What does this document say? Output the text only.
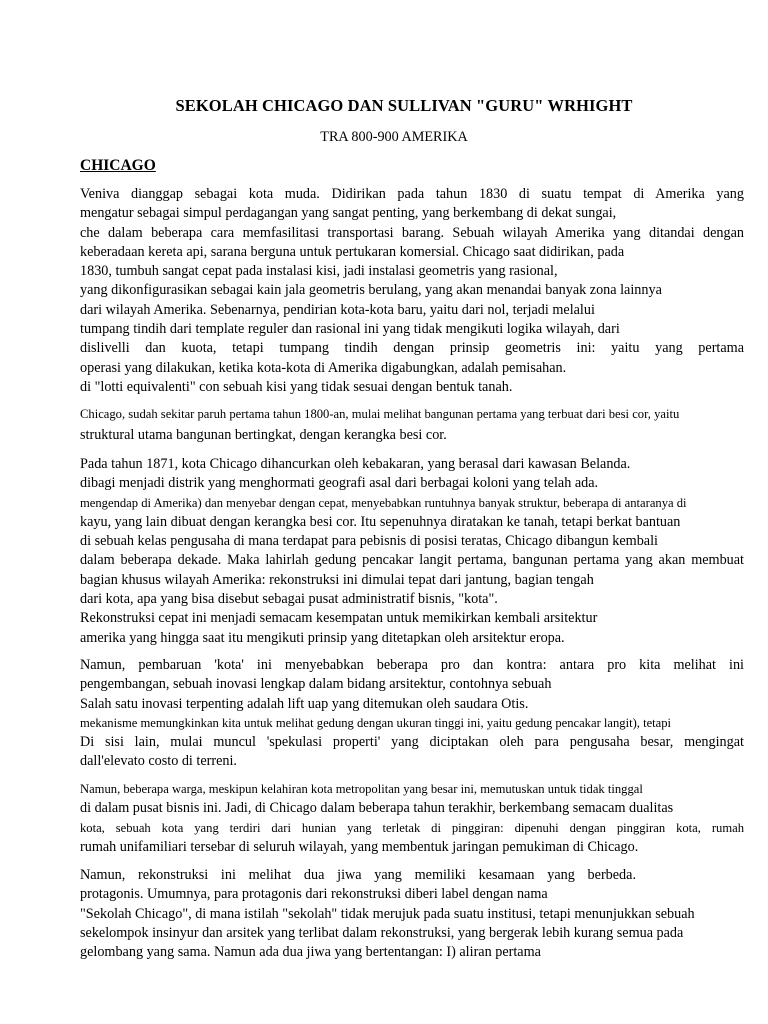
SEKOLAH CHICAGO DAN SULLIVAN "GURU" WRHIGHT
TRA 800-900 AMERIKA
CHICAGO
Veniva dianggap sebagai kota muda. Didirikan pada tahun 1830 di suatu tempat di Amerika yang
mengatur sebagai simpul perdagangan yang sangat penting, yang berkembang di dekat sungai,
che dalam beberapa cara memfasilitasi transportasi barang. Sebuah wilayah Amerika yang ditandai dengan
keberadaan kereta api, sarana berguna untuk pertukaran komersial. Chicago saat didirikan, pada
1830, tumbuh sangat cepat pada instalasi kisi, jadi instalasi geometris yang rasional,
yang dikonfigurasikan sebagai kain jala geometris berulang, yang akan menandai banyak zona lainnya
dari wilayah Amerika. Sebenarnya, pendirian kota-kota baru, yaitu dari nol, terjadi melalui
tumpang tindih dari template reguler dan rasional ini yang tidak mengikuti logika wilayah, dari
dislivelli dan kuota, tetapi tumpang tindih dengan prinsip geometris ini: yaitu yang pertama
operasi yang dilakukan, ketika kota-kota di Amerika digabungkan, adalah pemisahan.
di "lotti equivalenti" con sebuah kisi yang tidak sesuai dengan bentuk tanah.
Chicago, sudah sekitar paruh pertama tahun 1800-an, mulai melihat bangunan pertama yang terbuat dari besi cor, yaitu
struktural utama bangunan bertingkat, dengan kerangka besi cor.
Pada tahun 1871, kota Chicago dihancurkan oleh kebakaran, yang berasal dari kawasan Belanda.
dibagi menjadi distrik yang menghormati geografi asal dari berbagai koloni yang telah ada.
mengendap di Amerika) dan menyebar dengan cepat, menyebabkan runtuhnya banyak struktur, beberapa di antaranya di
kayu, yang lain dibuat dengan kerangka besi cor. Itu sepenuhnya diratakan ke tanah, tetapi berkat bantuan
di sebuah kelas pengusaha di mana terdapat para pebisnis di posisi teratas, Chicago dibangun kembali
dalam beberapa dekade. Maka lahirlah gedung pencakar langit pertama, bangunan pertama yang akan membuat
bagian khusus wilayah Amerika: rekonstruksi ini dimulai tepat dari jantung, bagian tengah
dari kota, apa yang bisa disebut sebagai pusat administratif bisnis, "kota".
Rekonstruksi cepat ini menjadi semacam kesempatan untuk memikirkan kembali arsitektur
amerika yang hingga saat itu mengikuti prinsip yang ditetapkan oleh arsitektur eropa.
Namun, pembaruan 'kota' ini menyebabkan beberapa pro dan kontra: antara pro kita melihat ini
pengembangan, sebuah inovasi lengkap dalam bidang arsitektur, contohnya sebuah
Salah satu inovasi terpenting adalah lift uap yang ditemukan oleh saudara Otis.
mekanisme memungkinkan kita untuk melihat gedung dengan ukuran tinggi ini, yaitu gedung pencakar langit), tetapi
Di sisi lain, mulai muncul 'spekulasi properti' yang diciptakan oleh para pengusaha besar, mengingat
dall'elevato costo di terreni.
Namun, beberapa warga, meskipun kelahiran kota metropolitan yang besar ini, memutuskan untuk tidak tinggal
di dalam pusat bisnis ini. Jadi, di Chicago dalam beberapa tahun terakhir, berkembang semacam dualitas
kota, sebuah kota yang terdiri dari hunian yang terletak di pinggiran: dipenuhi dengan pinggiran kota, rumah
rumah unifamiliari tersebar di seluruh wilayah, yang membentuk jaringan pemukiman di Chicago.
Namun, rekonstruksi ini melihat dua jiwa yang memiliki kesamaan yang berbeda.
protagonis. Umumnya, para protagonis dari rekonstruksi diberi label dengan nama
"Sekolah Chicago", di mana istilah "sekolah" tidak merujuk pada suatu institusi, tetapi menunjukkan sebuah
sekelompok insinyur dan arsitek yang terlibat dalam rekonstruksi, yang bergerak lebih kurang semua pada
gelombang yang sama. Namun ada dua jiwa yang bertentangan: I) aliran pertama
